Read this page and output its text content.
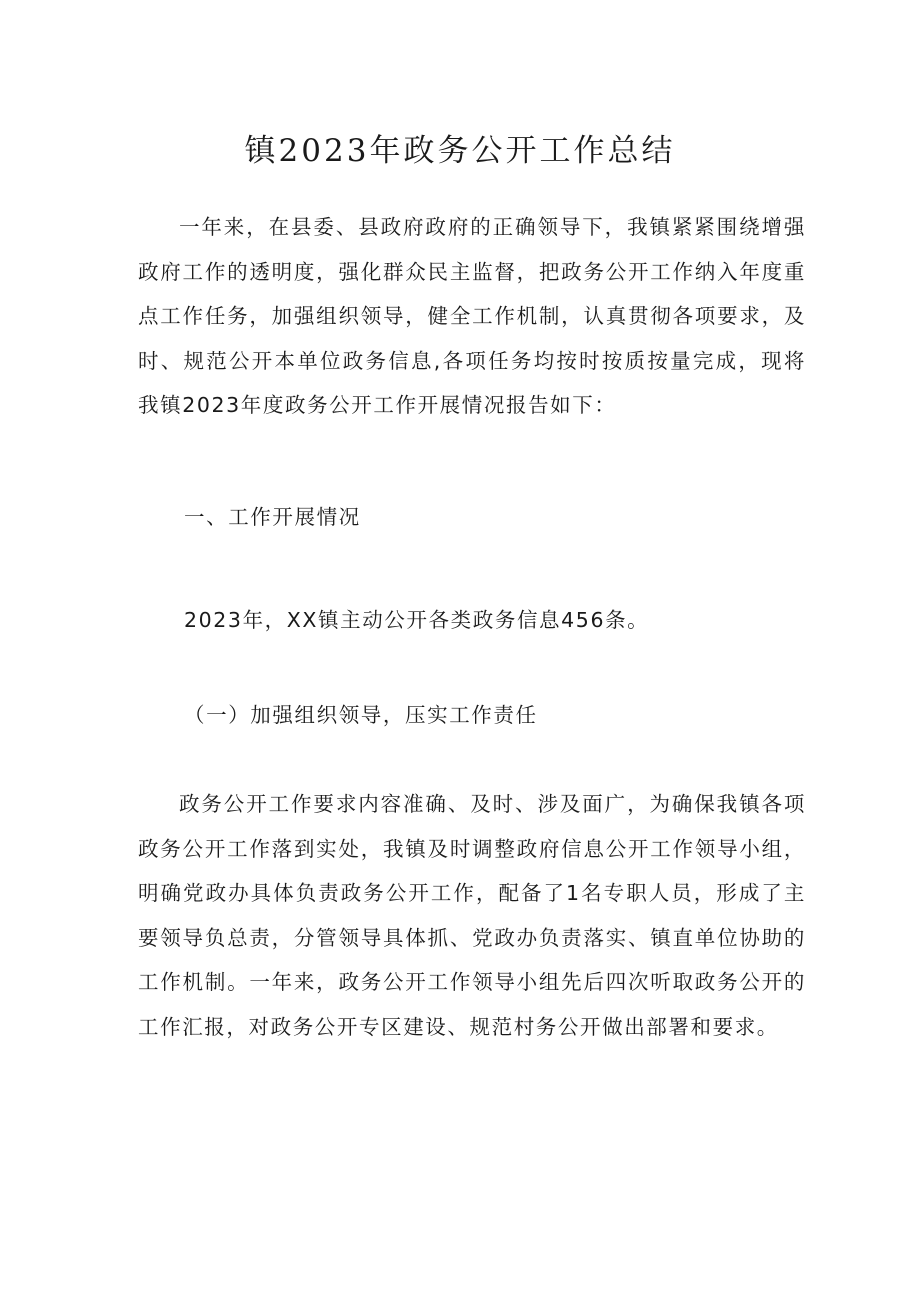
镇2023年政务公开工作总结
一年来，在县委、县政府政府的正确领导下，我镇紧紧围绕增强政府工作的透明度，强化群众民主监督，把政务公开工作纳入年度重点工作任务，加强组织领导，健全工作机制，认真贯彻各项要求，及时、规范公开本单位政务信息,各项任务均按时按质按量完成，现将我镇2023年度政务公开工作开展情况报告如下：
一、工作开展情况
2023年，XX镇主动公开各类政务信息456条。
（一）加强组织领导，压实工作责任
政务公开工作要求内容准确、及时、涉及面广，为确保我镇各项政务公开工作落到实处，我镇及时调整政府信息公开工作领导小组，明确党政办具体负责政务公开工作，配备了1名专职人员，形成了主要领导负总责，分管领导具体抓、党政办负责落实、镇直单位协助的工作机制。一年来，政务公开工作领导小组先后四次听取政务公开的工作汇报，对政务公开专区建设、规范村务公开做出部署和要求。
